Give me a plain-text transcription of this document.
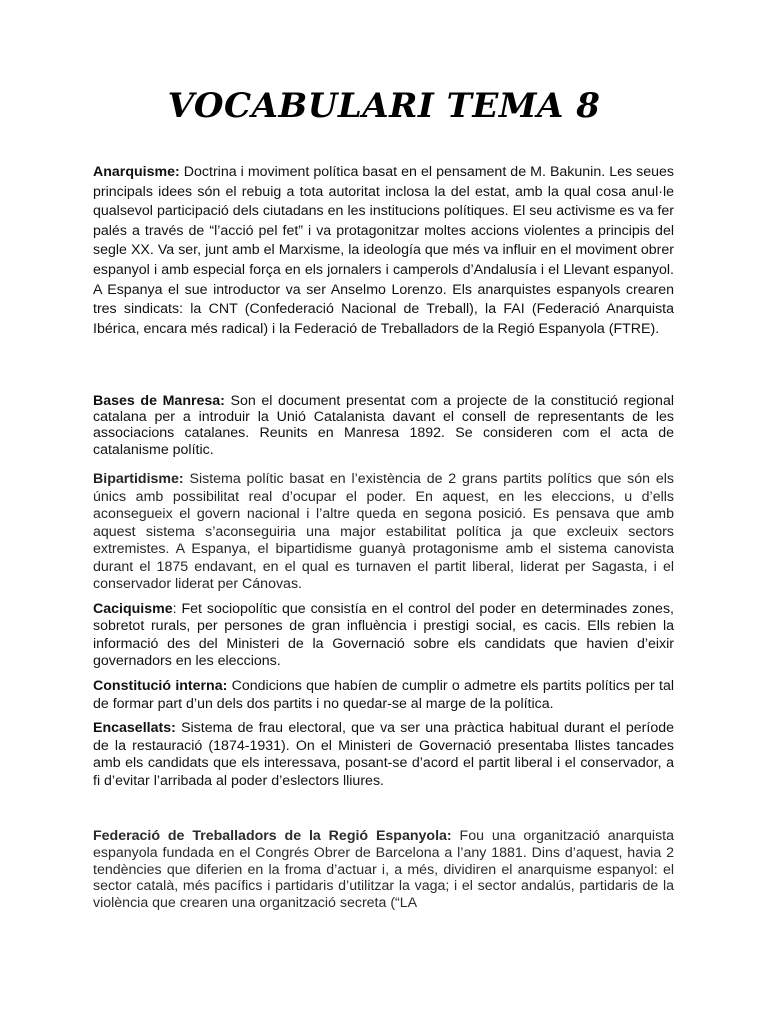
VOCABULARI TEMA 8

Anarquisme: Doctrina i moviment política basat en el pensament de M. Bakunin. Les seues principals idees són el rebuig a tota autoritat inclosa la del estat, amb la qual cosa anul·le qualsevol participació dels ciutadans en les institucions polítiques. El seu activisme es va fer palés a través de “l’acció pel fet” i va protagonitzar moltes accions violentes a principis del segle XX. Va ser, junt amb el Marxisme, la ideología que més va influir en el moviment obrer espanyol i amb especial força en els jornalers i camperols d’Andalusía i el Llevant espanyol. A Espanya el sue introductor va ser Anselmo Lorenzo. Els anarquistes espanyols crearen tres sindicats: la CNT (Confederació Nacional de Treball), la FAI (Federació Anarquista Ibérica, encara més radical) i la Federació de Treballadors de la Regió Espanyola (FTRE).

Bases de Manresa: Son el document presentat com a projecte de la constitució regional catalana per a introduir la Unió Catalanista davant el consell de representants de les associacions catalanes. Reunits en Manresa 1892. Se consideren com el acta de catalanisme polític.

Bipartidisme: Sistema polític basat en l’existència de 2 grans partits polítics que són els únics amb possibilitat real d’ocupar el poder. En aquest, en les eleccions, u d’ells aconsegueix el govern nacional i l’altre queda en segona posició. Es pensava que amb aquest sistema s’aconseguiria una major estabilitat política ja que excleuix sectors extremistes. A Espanya, el bipartidisme guanyà protagonisme amb el sistema canovista durant el 1875 endavant, en el qual es turnaven el partit liberal, liderat per Sagasta, i el conservador liderat per Cánovas.

Caciquisme: Fet sociopolític que consistía en el control del poder en determinades zones, sobretot rurals, per persones de gran influència i prestigi social, es cacis. Ells rebien la informació des del Ministeri de la Governació sobre els candidats que havien d’eixir governadors en les eleccions.

Constitució interna: Condicions que habíen de cumplir o admetre els partits polítics per tal de formar part d’un dels dos partits i no quedar-se al marge de la política.

Encasellats: Sistema de frau electoral, que va ser una pràctica habitual durant el període de la restauració (1874-1931). On el Ministeri de Governació presentaba llistes tancades amb els candidats que els interessava, posant-se d’acord el partit liberal i el conservador, a fi d’evitar l’arribada al poder d’eslectors lliures.

Federació de Treballadors de la Regió Espanyola: Fou una organització anarquista espanyola fundada en el Congrés Obrer de Barcelona a l’any 1881. Dins d’aquest, havia 2 tendències que diferien en la froma d’actuar i, a més, dividiren el anarquisme espanyol: el sector català, més pacífics i partidaris d’utilitzar la vaga; i el sector andalús, partidaris de la violència que crearen una organització secreta (“LA
